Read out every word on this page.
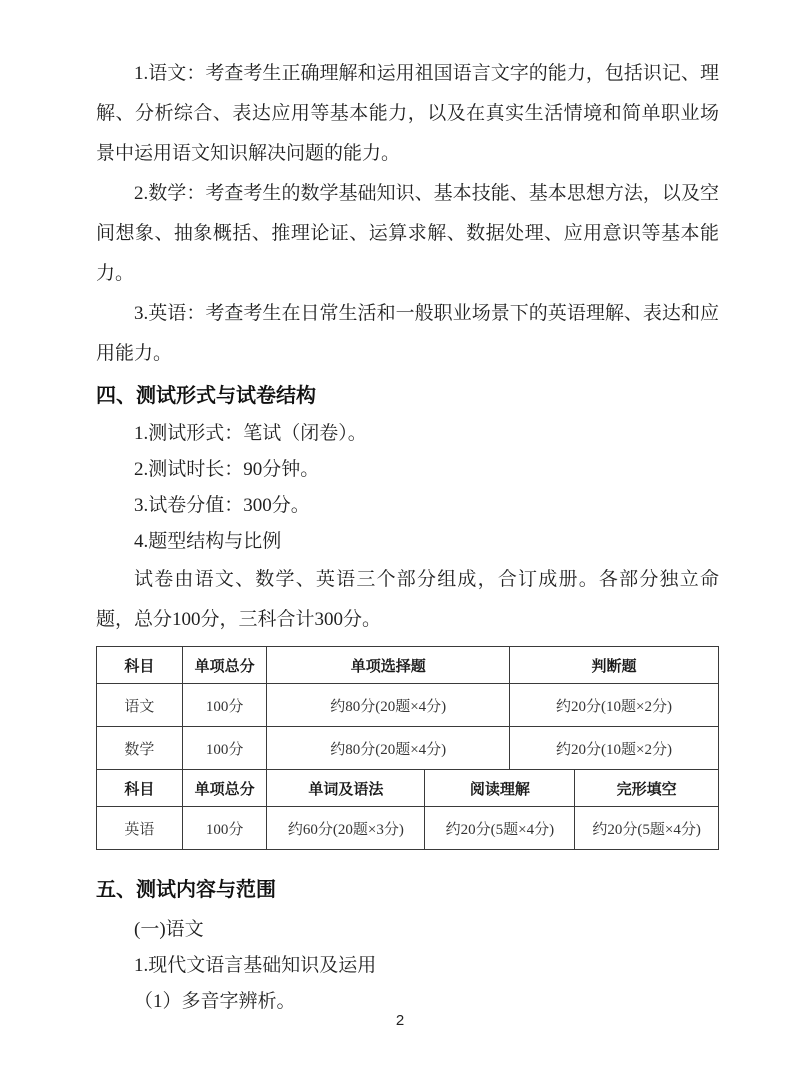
1.语文：考查考生正确理解和运用祖国语言文字的能力，包括识记、理解、分析综合、表达应用等基本能力，以及在真实生活情境和简单职业场景中运用语文知识解决问题的能力。

2.数学：考查考生的数学基础知识、基本技能、基本思想方法，以及空间想象、抽象概括、推理论证、运算求解、数据处理、应用意识等基本能力。

3.英语：考查考生在日常生活和一般职业场景下的英语理解、表达和应用能力。

四、测试形式与试卷结构

1.测试形式：笔试（闭卷）。

2.测试时长：90分钟。

3.试卷分值：300分。

4.题型结构与比例

试卷由语文、数学、英语三个部分组成，合订成册。各部分独立命题，总分100分，三科合计300分。

科目	单项总分	单项选择题	判断题
语文	100分	约80分(20题×4分)	约20分(10题×2分)
数学	100分	约80分(20题×4分)	约20分(10题×2分)
科目	单项总分	单词及语法	阅读理解	完形填空
英语	100分	约60分(20题×3分)	约20分(5题×4分)	约20分(5题×4分)
五、测试内容与范围

(一)语文

1.现代文语言基础知识及运用

（1）多音字辨析。

2
